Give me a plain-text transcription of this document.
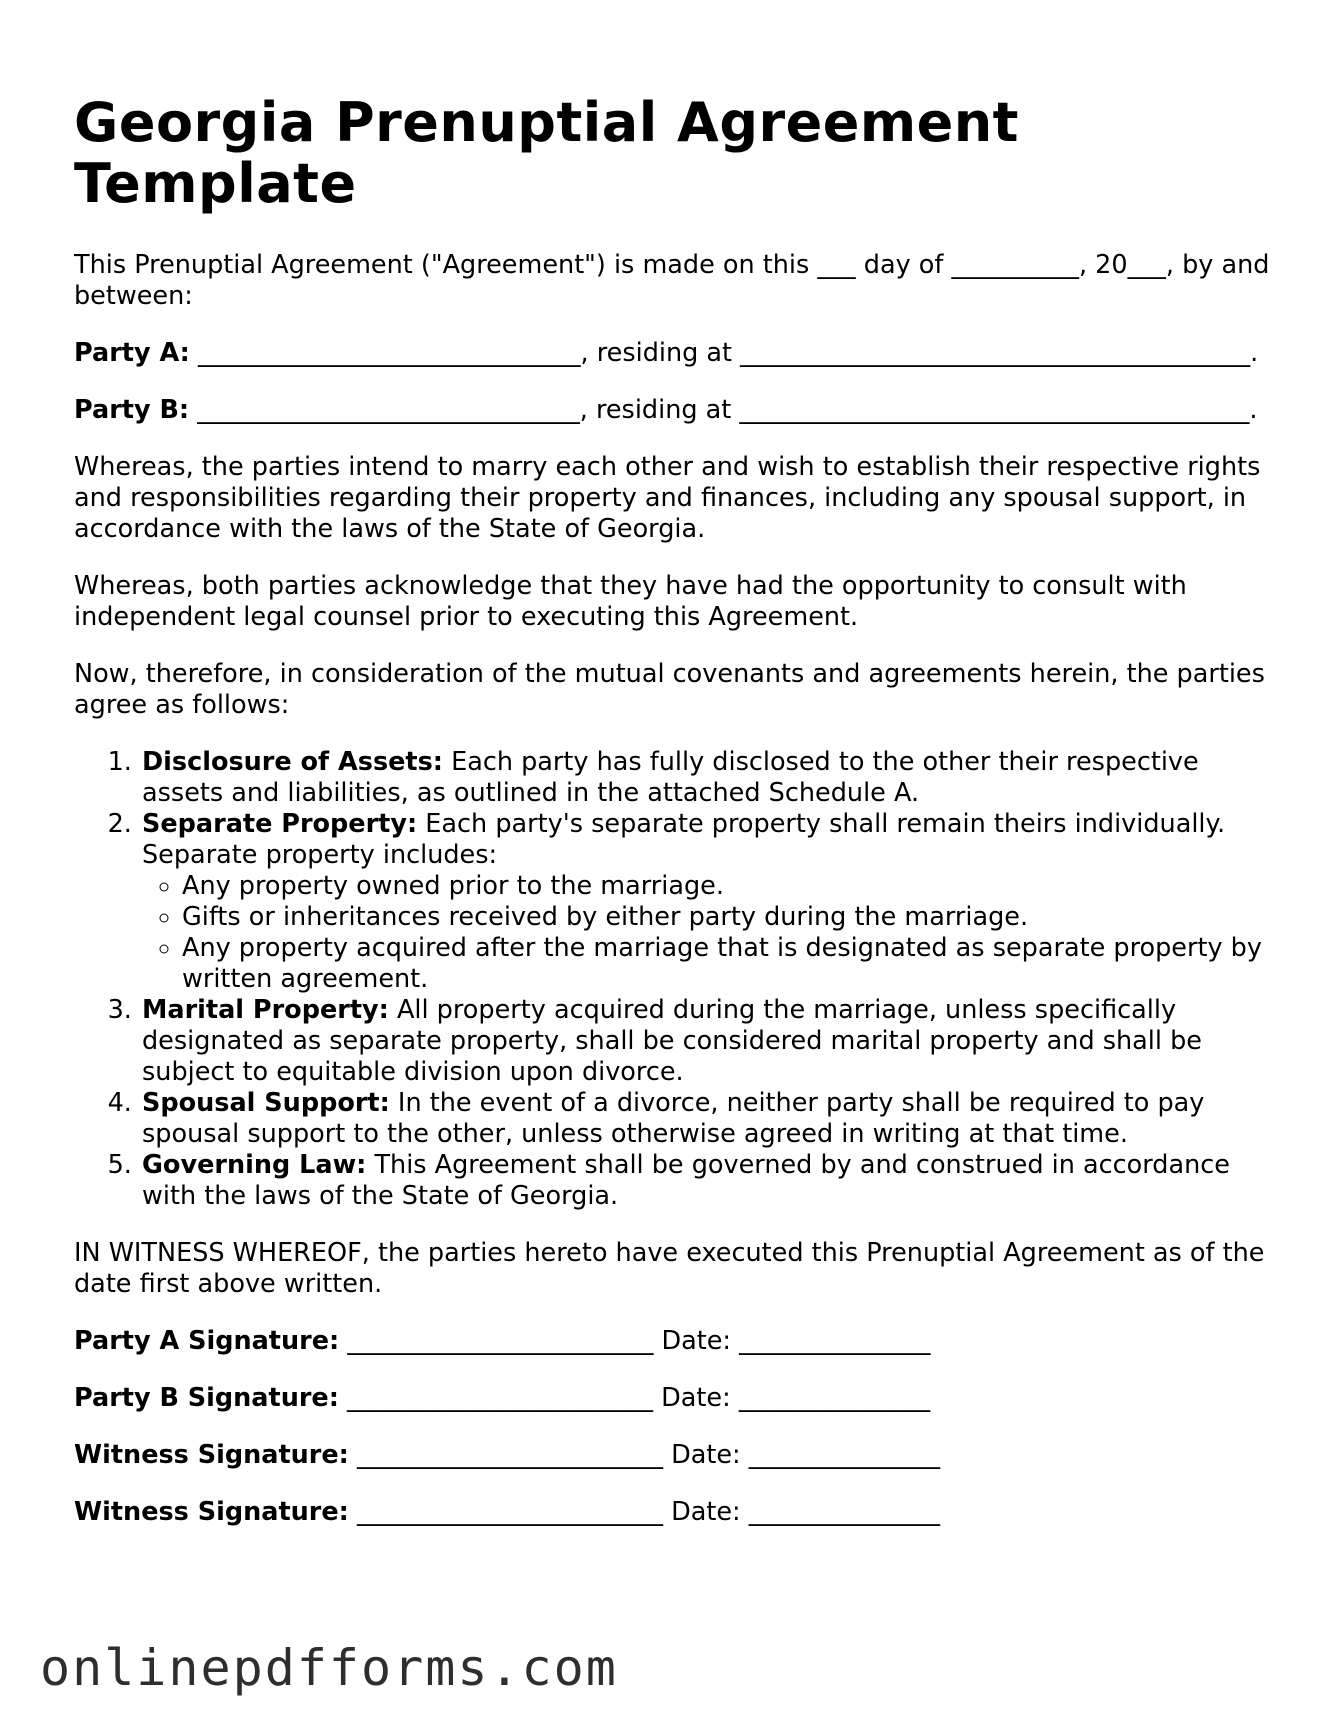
Georgia Prenuptial Agreement Template

This Prenuptial Agreement ("Agreement") is made on this ___ day of __________, 20___, by and between:

Party A: ______________________________, residing at ________________________________________.

Party B: ______________________________, residing at ________________________________________.

Whereas, the parties intend to marry each other and wish to establish their respective rights and responsibilities regarding their property and finances, including any spousal support, in accordance with the laws of the State of Georgia.

Whereas, both parties acknowledge that they have had the opportunity to consult with independent legal counsel prior to executing this Agreement.

Now, therefore, in consideration of the mutual covenants and agreements herein, the parties agree as follows:

1. Disclosure of Assets: Each party has fully disclosed to the other their respective assets and liabilities, as outlined in the attached Schedule A.
2. Separate Property: Each party's separate property shall remain theirs individually. Separate property includes:
◦ Any property owned prior to the marriage.
◦ Gifts or inheritances received by either party during the marriage.
◦ Any property acquired after the marriage that is designated as separate property by written agreement.
3. Marital Property: All property acquired during the marriage, unless specifically designated as separate property, shall be considered marital property and shall be subject to equitable division upon divorce.
4. Spousal Support: In the event of a divorce, neither party shall be required to pay spousal support to the other, unless otherwise agreed in writing at that time.
5. Governing Law: This Agreement shall be governed by and construed in accordance with the laws of the State of Georgia.

IN WITNESS WHEREOF, the parties hereto have executed this Prenuptial Agreement as of the date first above written.

Party A Signature: ________________________ Date: _______________

Party B Signature: ________________________ Date: _______________

Witness Signature: ________________________ Date: _______________

Witness Signature: ________________________ Date: _______________

onlinepdfforms.com
